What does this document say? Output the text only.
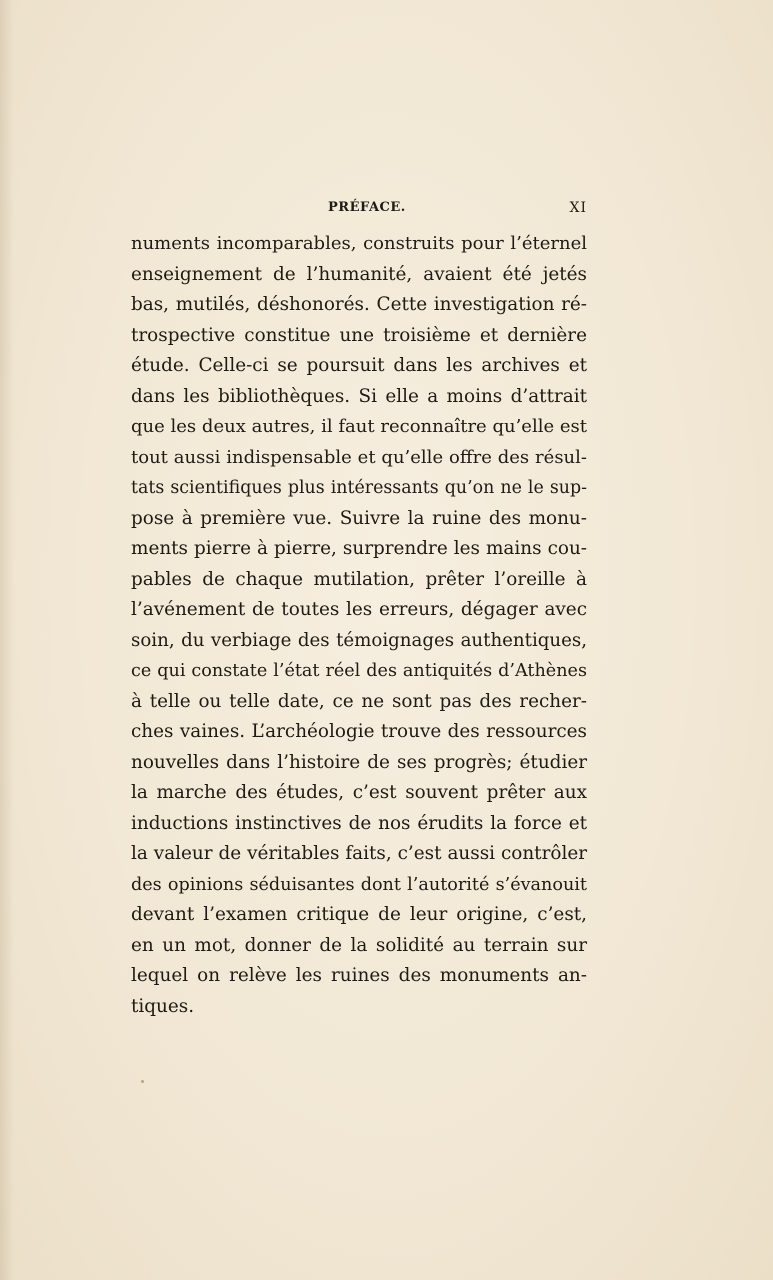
PRÉFACE.	XI
numents incomparables, construits pour l’éternel
enseignement de l’humanité, avaient été jetés
bas, mutilés, déshonorés. Cette investigation ré-
trospective constitue une troisième et dernière
étude. Celle-ci se poursuit dans les archives et
dans les bibliothèques. Si elle a moins d’attrait
que les deux autres, il faut reconnaître qu’elle est
tout aussi indispensable et qu’elle offre des résul-
tats scientifiques plus intéressants qu’on ne le sup-
pose à première vue. Suivre la ruine des monu-
ments pierre à pierre, surprendre les mains cou-
pables de chaque mutilation, prêter l’oreille à
l’avénement de toutes les erreurs, dégager avec
soin, du verbiage des témoignages authentiques,
ce qui constate l’état réel des antiquités d’Athènes
à telle ou telle date, ce ne sont pas des recher-
ches vaines. L’archéologie trouve des ressources
nouvelles dans l’histoire de ses progrès; étudier
la marche des études, c’est souvent prêter aux
inductions instinctives de nos érudits la force et
la valeur de véritables faits, c’est aussi contrôler
des opinions séduisantes dont l’autorité s’évanouit
devant l’examen critique de leur origine, c’est,
en un mot, donner de la solidité au terrain sur
lequel on relève les ruines des monuments an-
tiques.
